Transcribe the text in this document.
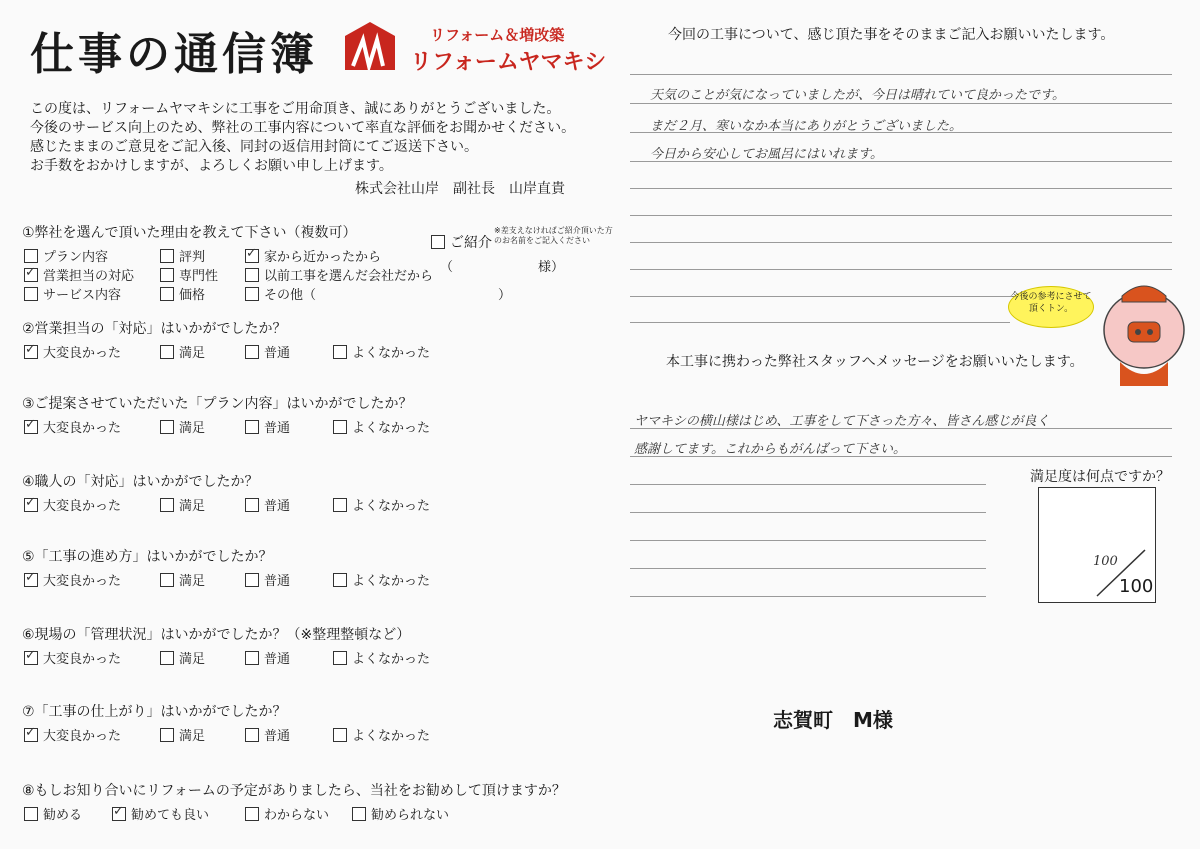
仕事の通信簿	リフォーム＆増改築
リフォームヤマキシ
この度は、リフォームヤマキシに工事をご用命頂き、誠にありがとうございました。
今後のサービス向上のため、弊社の工事内容について率直な評価をお聞かせください。
感じたままのご意見をご記入後、同封の返信用封筒にてご返送下さい。
お手数をおかけしますが、よろしくお願い申し上げます。
株式会社山岸　副社長　山岸直貴
①弊社を選んで頂いた理由を教えて下さい（複数可）
プラン内容	評判 ✓	家から近かったから
✓
営業担当の対応	専門性	以前工事を選んだ会社だから
サービス内容	価格	その他（	）
ご紹介
※差支えなければご紹介頂いた方のお名前をご記入ください
（	様）
②営業担当の「対応」はいかがでしたか？
✓
大変良かった	満足	普通	よくなかった
③ご提案させていただいた「プラン内容」はいかがでしたか？
✓
大変良かった	満足	普通	よくなかった
④職人の「対応」はいかがでしたか？
✓
大変良かった	満足	普通	よくなかった
⑤「工事の進め方」はいかがでしたか？
✓
大変良かった	満足	普通	よくなかった
⑥現場の「管理状況」はいかがでしたか？（※整理整頓など）
✓
大変良かった	満足	普通	よくなかった
⑦「工事の仕上がり」はいかがでしたか？
✓
大変良かった	満足	普通	よくなかった
⑧もしお知り合いにリフォームの予定がありましたら、当社をお勧めして頂けますか？
勧める ✓	勧めても良い	わからない	勧められない
今回の工事について、感じ頂た事をそのままご記入お願いいたします。
天気のことが気になっていましたが、今日は晴れていて良かったです。
まだ２月、寒いなか本当にありがとうございました。
今日から安心してお風呂にはいれます。
今後の参考にさせて頂くトン。
本工事に携わった弊社スタッフへメッセージをお願いいたします。
ヤマキシの横山様はじめ、工事をして下さった方々、皆さん感じが良く
感謝してます。これからもがんばって下さい。
満足度は何点ですか？
100
100
志賀町　M様
